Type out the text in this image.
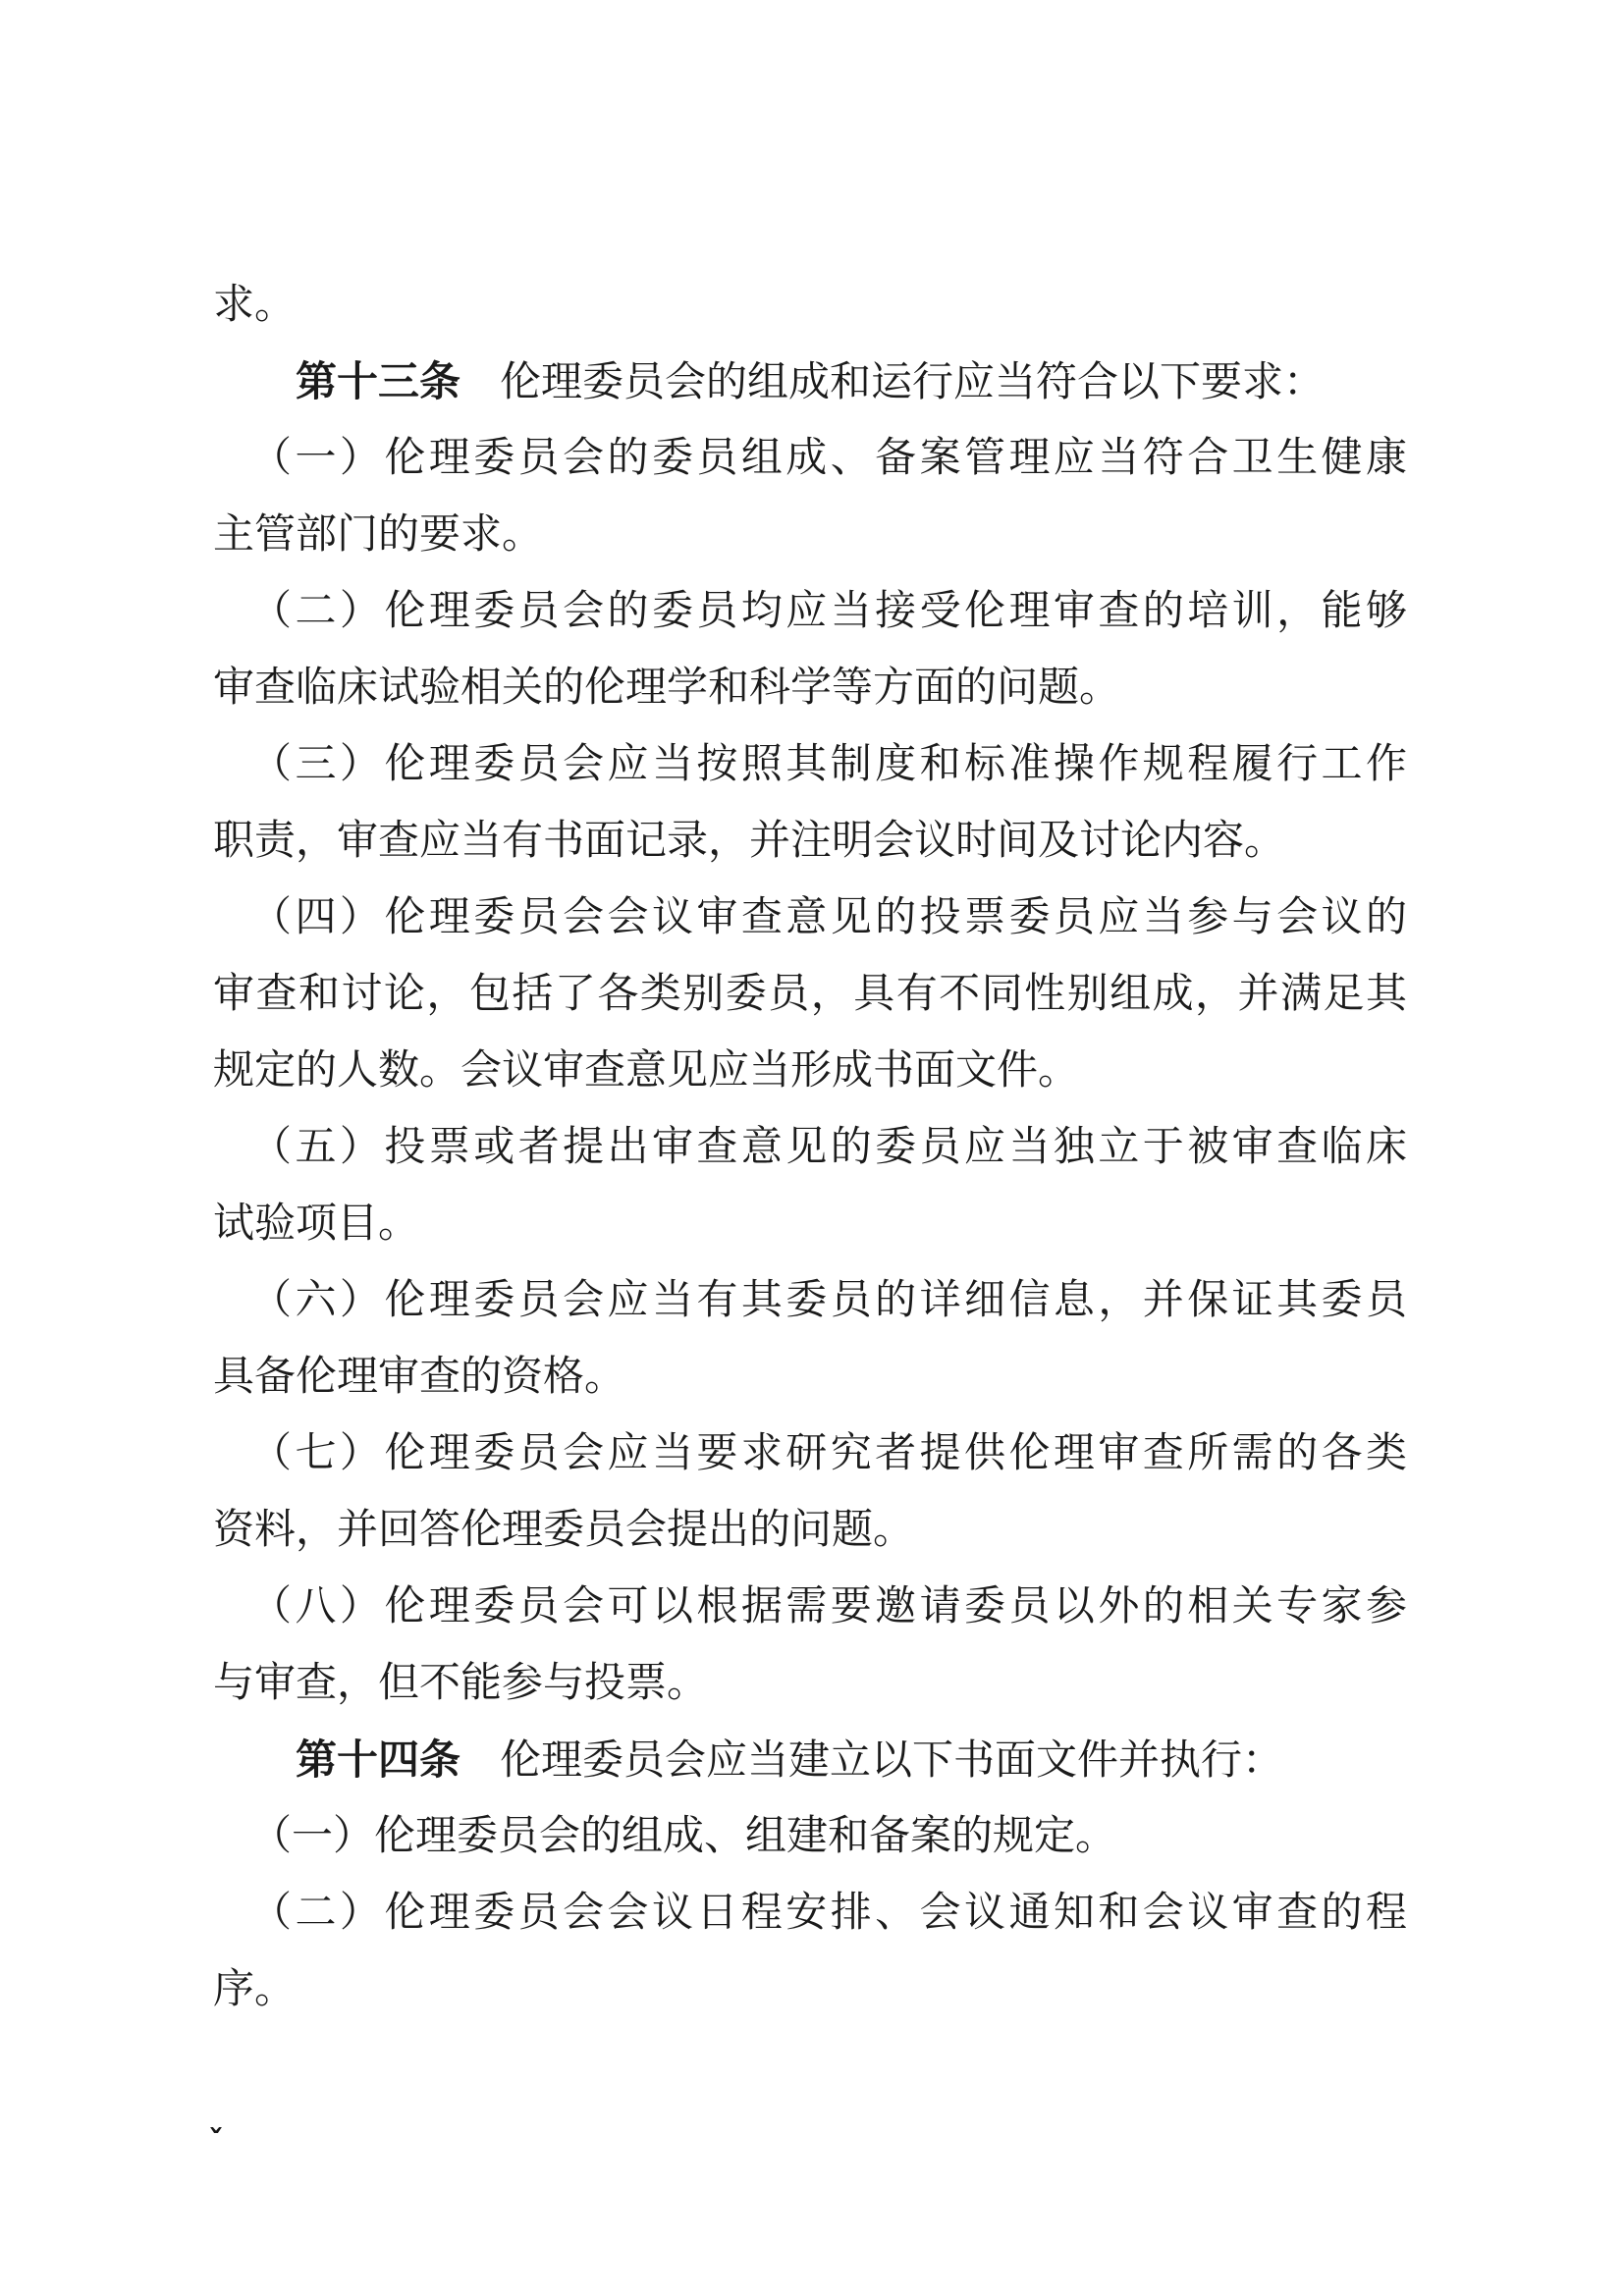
求。
第十三条 伦理委员会的组成和运行应当符合以下要求：
（一）伦理委员会的委员组成、备案管理应当符合卫生健康
主管部门的要求。
（二）伦理委员会的委员均应当接受伦理审查的培训，能够
审查临床试验相关的伦理学和科学等方面的问题。
（三）伦理委员会应当按照其制度和标准操作规程履行工作
职责，审查应当有书面记录，并注明会议时间及讨论内容。
（四）伦理委员会会议审查意见的投票委员应当参与会议的
审查和讨论，包括了各类别委员，具有不同性别组成，并满足其
规定的人数。会议审查意见应当形成书面文件。
（五）投票或者提出审查意见的委员应当独立于被审查临床
试验项目。
（六）伦理委员会应当有其委员的详细信息，并保证其委员
具备伦理审查的资格。
（七）伦理委员会应当要求研究者提供伦理审查所需的各类
资料，并回答伦理委员会提出的问题。
（八）伦理委员会可以根据需要邀请委员以外的相关专家参
与审查，但不能参与投票。
第十四条 伦理委员会应当建立以下书面文件并执行：
（一）伦理委员会的组成、组建和备案的规定。
（二）伦理委员会会议日程安排、会议通知和会议审查的程
序。
ˇ
